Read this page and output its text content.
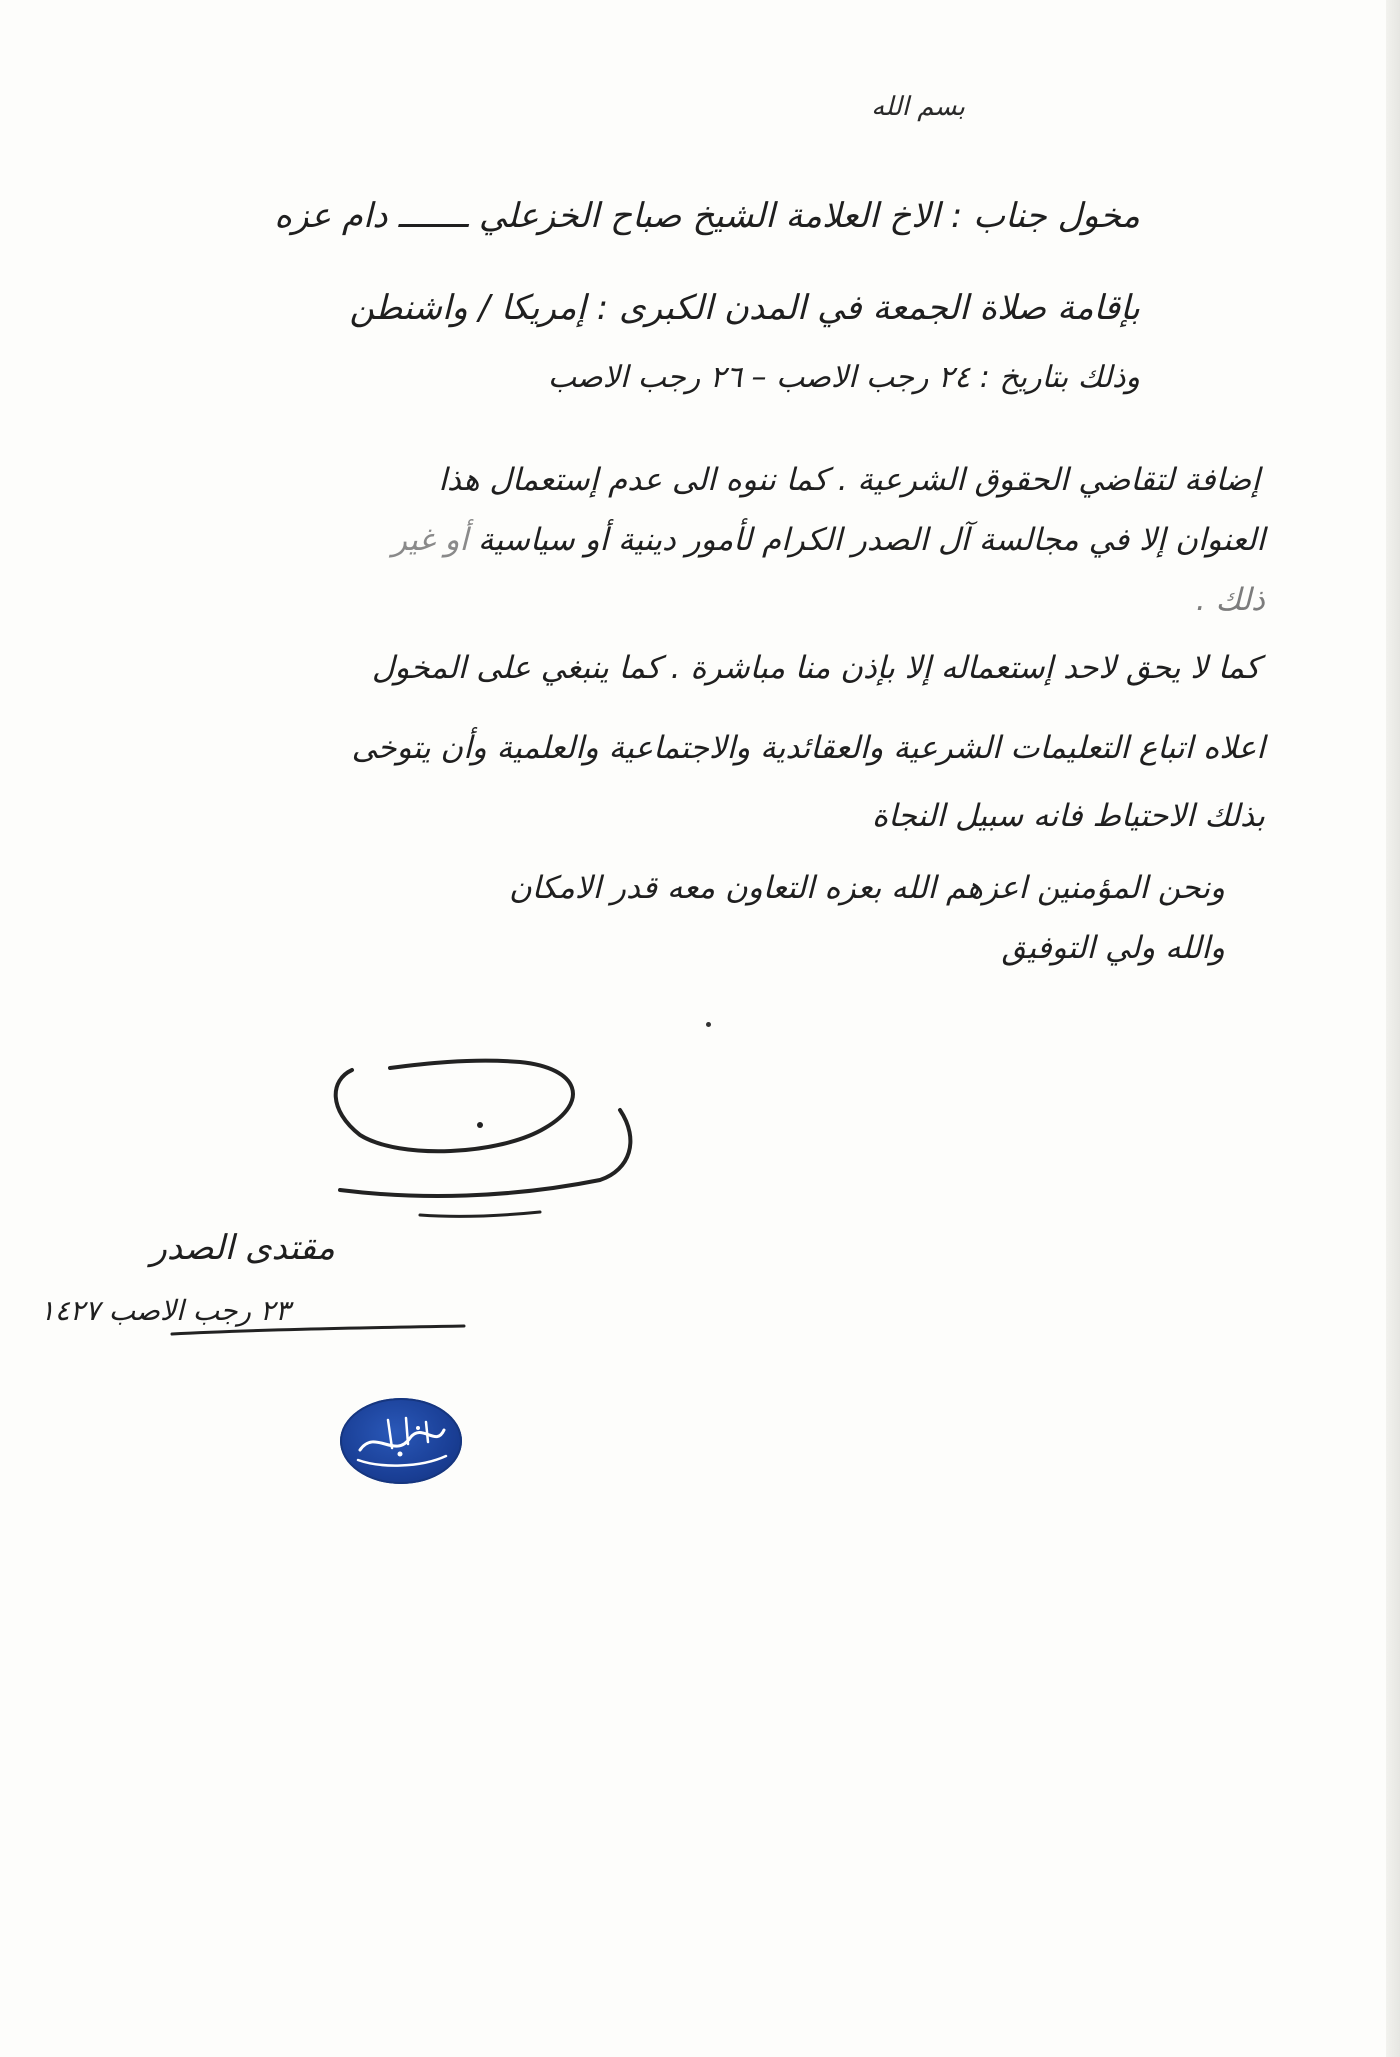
بسم الله
مخول جناب : الاخ العلامة الشيخ صباح الخزعلي ـــــــ دام عزه
بإقامة صلاة الجمعة في المدن الكبرى : إمريكا / واشنطن
وذلك بتاريخ : ٢٤ رجب الاصب – ٢٦ رجب الاصب
إضافة لتقاضي الحقوق الشرعية . كما ننوه الى عدم إستعمال هذا
العنوان إلا في مجالسة آل الصدر الكرام لأمور دينية أو سياسية أو غير
ذلك .
كما لا يحق لاحد إستعماله إلا بإذن منا مباشرة . كما ينبغي على المخول
اعلاه اتباع التعليمات الشرعية والعقائدية والاجتماعية والعلمية وأن يتوخى
بذلك الاحتياط فانه سبيل النجاة
ونحن المؤمنين اعزهم الله بعزه التعاون معه قدر الامكان
والله ولي التوفيق
مقتدى الصدر
٢٣ رجب الاصب ١٤٢٧
